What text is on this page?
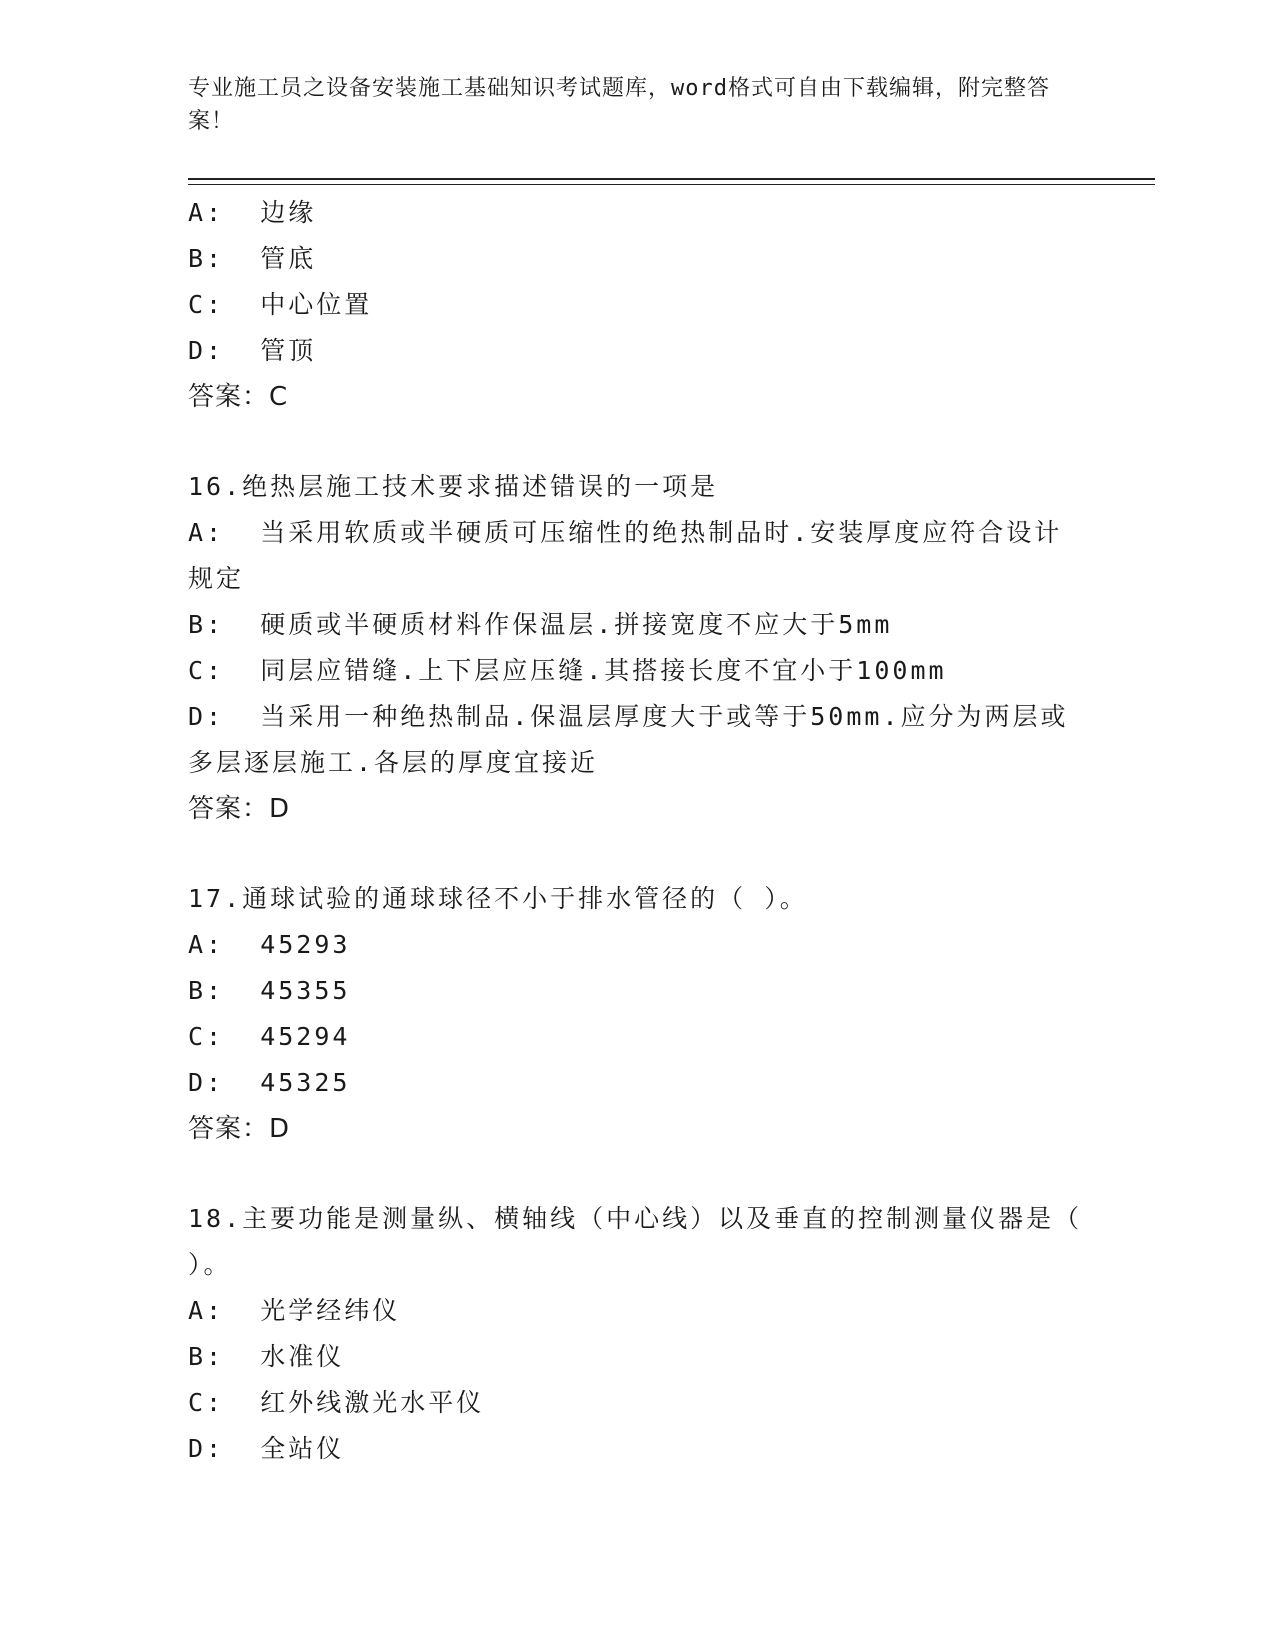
专业施工员之设备安装施工基础知识考试题库，word格式可自由下载编辑，附完整答案！
A:  边缘
B:  管底
C:  中心位置
D:  管顶
答案：C
16.绝热层施工技术要求描述错误的一项是
A:  当采用软质或半硬质可压缩性的绝热制品时.安装厚度应符合设计规定
B:  硬质或半硬质材料作保温层.拼接宽度不应大于5mm
C:  同层应错缝.上下层应压缝.其搭接长度不宜小于100mm
D:  当采用一种绝热制品.保温层厚度大于或等于50mm.应分为两层或多层逐层施工.各层的厚度宜接近
答案：D
17.通球试验的通球球径不小于排水管径的（ ）。
A:  45293
B:  45355
C:  45294
D:  45325
答案：D
18.主要功能是测量纵、横轴线（中心线）以及垂直的控制测量仪器是（ ）。
A:  光学经纬仪
B:  水准仪
C:  红外线激光水平仪
D:  全站仪
